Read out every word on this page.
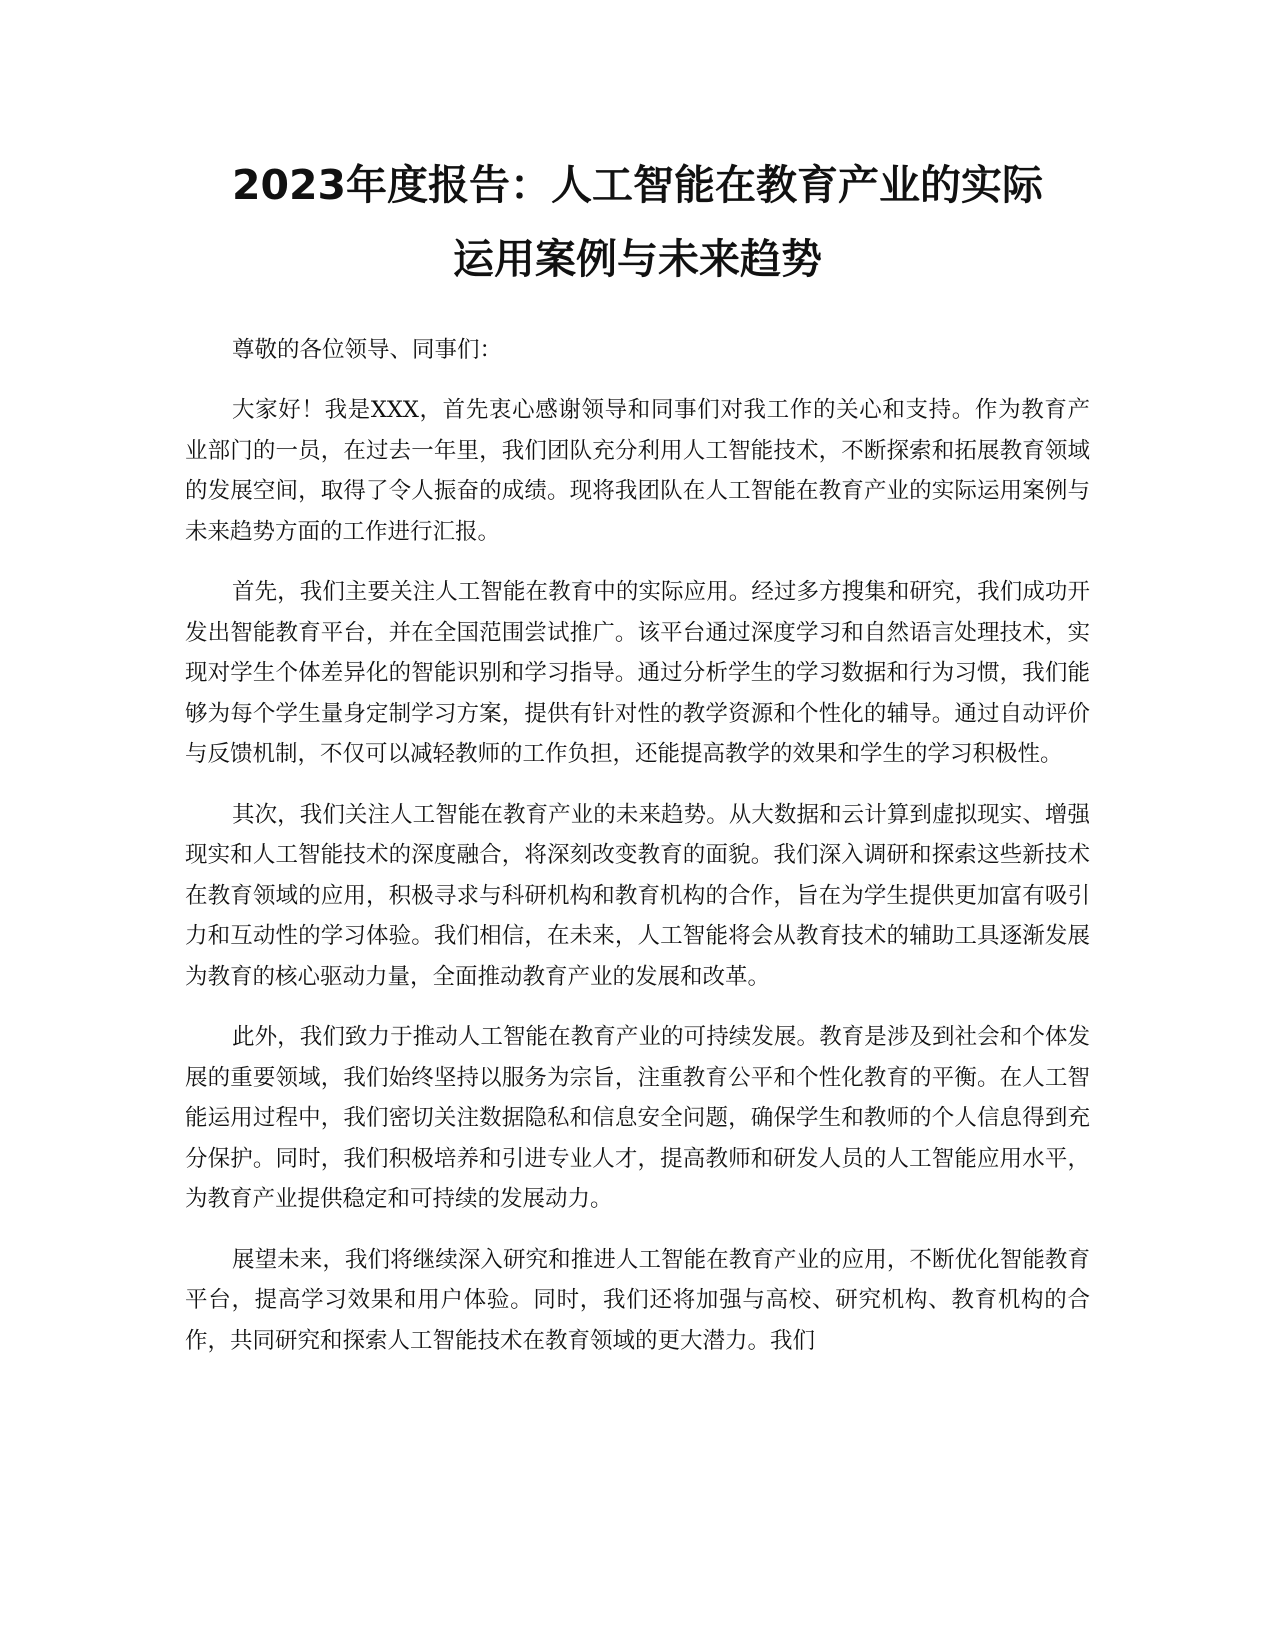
2023年度报告：人工智能在教育产业的实际
运用案例与未来趋势

尊敬的各位领导、同事们：

大家好！我是XXX，首先衷心感谢领导和同事们对我工作的关心和支持。作为教育产业部门的一员，在过去一年里，我们团队充分利用人工智能技术，不断探索和拓展教育领域的发展空间，取得了令人振奋的成绩。现将我团队在人工智能在教育产业的实际运用案例与未来趋势方面的工作进行汇报。

首先，我们主要关注人工智能在教育中的实际应用。经过多方搜集和研究，我们成功开发出智能教育平台，并在全国范围尝试推广。该平台通过深度学习和自然语言处理技术，实现对学生个体差异化的智能识别和学习指导。通过分析学生的学习数据和行为习惯，我们能够为每个学生量身定制学习方案，提供有针对性的教学资源和个性化的辅导。通过自动评价与反馈机制，不仅可以减轻教师的工作负担，还能提高教学的效果和学生的学习积极性。

其次，我们关注人工智能在教育产业的未来趋势。从大数据和云计算到虚拟现实、增强现实和人工智能技术的深度融合，将深刻改变教育的面貌。我们深入调研和探索这些新技术在教育领域的应用，积极寻求与科研机构和教育机构的合作，旨在为学生提供更加富有吸引力和互动性的学习体验。我们相信，在未来，人工智能将会从教育技术的辅助工具逐渐发展为教育的核心驱动力量，全面推动教育产业的发展和改革。

此外，我们致力于推动人工智能在教育产业的可持续发展。教育是涉及到社会和个体发展的重要领域，我们始终坚持以服务为宗旨，注重教育公平和个性化教育的平衡。在人工智能运用过程中，我们密切关注数据隐私和信息安全问题，确保学生和教师的个人信息得到充分保护。同时，我们积极培养和引进专业人才，提高教师和研发人员的人工智能应用水平，为教育产业提供稳定和可持续的发展动力。

展望未来，我们将继续深入研究和推进人工智能在教育产业的应用，不断优化智能教育平台，提高学习效果和用户体验。同时，我们还将加强与高校、研究机构、教育机构的合作，共同研究和探索人工智能技术在教育领域的更大潜力。我们
